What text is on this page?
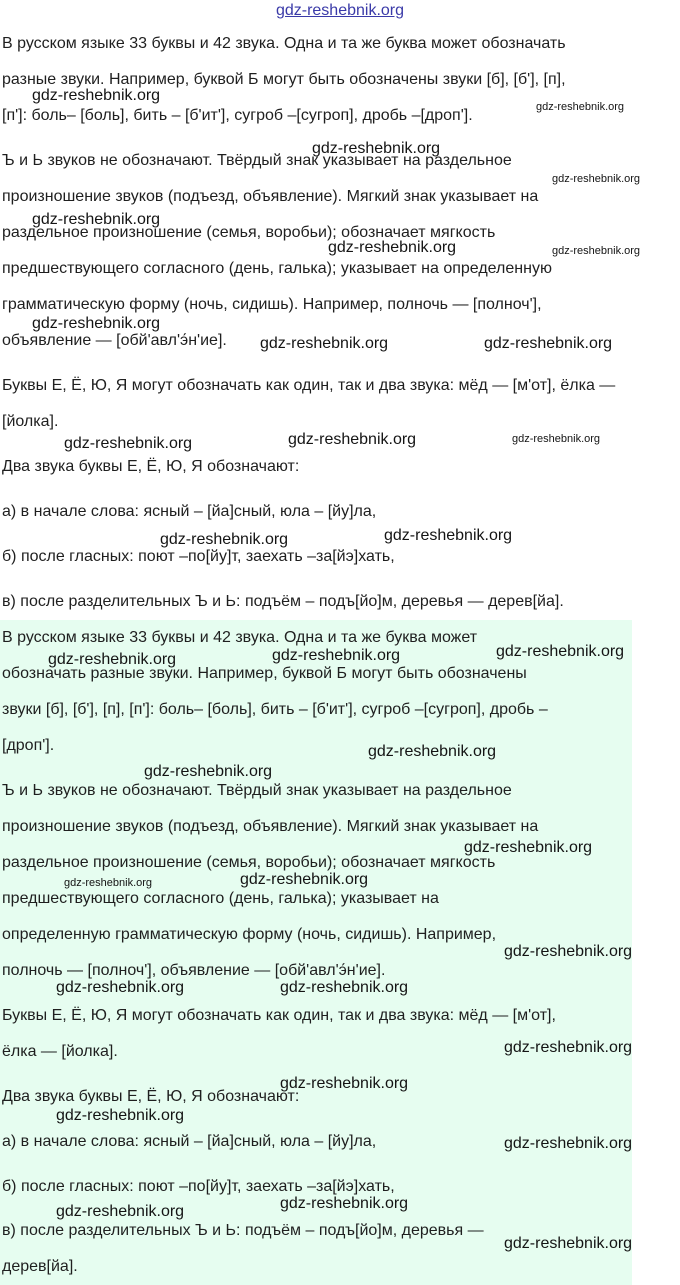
gdz-reshebnik.org
В русском языке 33 буквы и 42 звука. Одна и та же буква может обозначать
разные звуки. Например, буквой Б могут быть обозначены звуки [б], [б'], [п],
[п']: боль– [боль], бить – [б'ит'], сугроб –[сугроп], дробь –[дроп'].
Ъ и Ь звуков не обозначают. Твёрдый знак указывает на раздельное
произношение звуков (подъезд, объявление). Мягкий знак указывает на
раздельное произношение (семья, воробьи); обозначает мягкость
предшествующего согласного (день, галька); указывает на определенную
грамматическую форму (ночь, сидишь). Например, полночь — [полноч'],
объявление — [обй'авл'э́н'ие].
Буквы Е, Ё, Ю, Я могут обозначать как один, так и два звука: мёд — [м'от], ёлка —
[йолка].
Два звука буквы Е, Ё, Ю, Я обозначают:
а) в начале слова: ясный – [йа]сный, юла – [йу]ла,
б) после гласных: поют –по[йу]т, заехать –за[йэ]хать,
в) после разделительных Ъ и Ь: подъём – подъ[йо]м, деревья — дерев[йа].
gdz-reshebnik.org
gdz-reshebnik.org
gdz-reshebnik.org
gdz-reshebnik.org
gdz-reshebnik.org
gdz-reshebnik.org	gdz-reshebnik.org
gdz-reshebnik.org
gdz-reshebnik.org	gdz-reshebnik.org
gdz-reshebnik.org	gdz-reshebnik.org	gdz-reshebnik.org
gdz-reshebnik.org	gdz-reshebnik.org
В русском языке 33 буквы и 42 звука. Одна и та же буква может
обозначать разные звуки. Например, буквой Б могут быть обозначены
звуки [б], [б'], [п], [п']: боль– [боль], бить – [б'ит'], сугроб –[сугроп], дробь –
[дроп'].
Ъ и Ь звуков не обозначают. Твёрдый знак указывает на раздельное
произношение звуков (подъезд, объявление). Мягкий знак указывает на
раздельное произношение (семья, воробьи); обозначает мягкость
предшествующего согласного (день, галька); указывает на
определенную грамматическую форму (ночь, сидишь). Например,
полночь — [полноч'], объявление — [обй'авл'э́н'ие].
Буквы Е, Ё, Ю, Я могут обозначать как один, так и два звука: мёд — [м'от],
ёлка — [йолка].
Два звука буквы Е, Ё, Ю, Я обозначают:
а) в начале слова: ясный – [йа]сный, юла – [йу]ла,
б) после гласных: поют –по[йу]т, заехать –за[йэ]хать,
в) после разделительных Ъ и Ь: подъём – подъ[йо]м, деревья —
дерев[йа].
gdz-reshebnik.org	gdz-reshebnik.org	gdz-reshebnik.org
gdz-reshebnik.org
gdz-reshebnik.org
gdz-reshebnik.org
gdz-reshebnik.org	gdz-reshebnik.org
gdz-reshebnik.org
gdz-reshebnik.org	gdz-reshebnik.org
gdz-reshebnik.org
gdz-reshebnik.org
gdz-reshebnik.org
gdz-reshebnik.org
gdz-reshebnik.org
gdz-reshebnik.org
gdz-reshebnik.org
